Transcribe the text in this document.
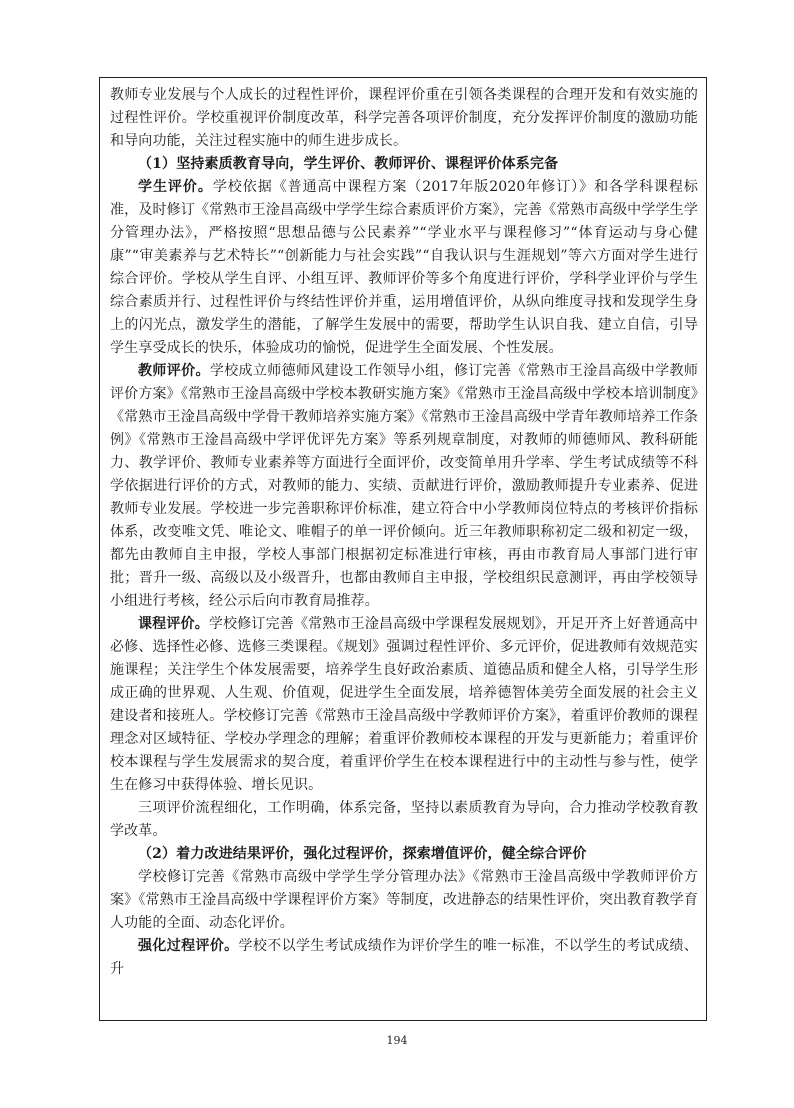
教师专业发展与个人成长的过程性评价，课程评价重在引领各类课程的合理开发和有效实施的过程性评价。学校重视评价制度改革，科学完善各项评价制度，充分发挥评价制度的激励功能和导向功能，关注过程实施中的师生进步成长。

（1）坚持素质教育导向，学生评价、教师评价、课程评价体系完备

学生评价。学校依据《普通高中课程方案（2017年版2020年修订）》和各学科课程标准，及时修订《常熟市王淦昌高级中学学生综合素质评价方案》，完善《常熟市高级中学学生学分管理办法》，严格按照“思想品德与公民素养”“学业水平与课程修习”“体育运动与身心健康”“审美素养与艺术特长”“创新能力与社会实践”“自我认识与生涯规划”等六方面对学生进行综合评价。学校从学生自评、小组互评、教师评价等多个角度进行评价，学科学业评价与学生综合素质并行、过程性评价与终结性评价并重，运用增值评价，从纵向维度寻找和发现学生身上的闪光点，激发学生的潜能，了解学生发展中的需要，帮助学生认识自我、建立自信，引导学生享受成长的快乐，体验成功的愉悦，促进学生全面发展、个性发展。

教师评价。学校成立师德师风建设工作领导小组，修订完善《常熟市王淦昌高级中学教师评价方案》《常熟市王淦昌高级中学校本教研实施方案》《常熟市王淦昌高级中学校本培训制度》《常熟市王淦昌高级中学骨干教师培养实施方案》《常熟市王淦昌高级中学青年教师培养工作条例》《常熟市王淦昌高级中学评优评先方案》等系列规章制度，对教师的师德师风、教科研能力、教学评价、教师专业素养等方面进行全面评价，改变简单用升学率、学生考试成绩等不科学依据进行评价的方式，对教师的能力、实绩、贡献进行评价，激励教师提升专业素养、促进教师专业发展。学校进一步完善职称评价标准，建立符合中小学教师岗位特点的考核评价指标体系，改变唯文凭、唯论文、唯帽子的单一评价倾向。近三年教师职称初定二级和初定一级，都先由教师自主申报，学校人事部门根据初定标准进行审核，再由市教育局人事部门进行审批；晋升一级、高级以及小级晋升，也都由教师自主申报，学校组织民意测评，再由学校领导小组进行考核，经公示后向市教育局推荐。

课程评价。学校修订完善《常熟市王淦昌高级中学课程发展规划》，开足开齐上好普通高中必修、选择性必修、选修三类课程。《规划》强调过程性评价、多元评价，促进教师有效规范实施课程；关注学生个体发展需要，培养学生良好政治素质、道德品质和健全人格，引导学生形成正确的世界观、人生观、价值观，促进学生全面发展，培养德智体美劳全面发展的社会主义建设者和接班人。学校修订完善《常熟市王淦昌高级中学教师评价方案》，着重评价教师的课程理念对区域特征、学校办学理念的理解；着重评价教师校本课程的开发与更新能力；着重评价校本课程与学生发展需求的契合度，着重评价学生在校本课程进行中的主动性与参与性，使学生在修习中获得体验、增长见识。

三项评价流程细化，工作明确，体系完备，坚持以素质教育为导向，合力推动学校教育教学改革。

（2）着力改进结果评价，强化过程评价，探索增值评价，健全综合评价

学校修订完善《常熟市高级中学学生学分管理办法》《常熟市王淦昌高级中学教师评价方案》《常熟市王淦昌高级中学课程评价方案》等制度，改进静态的结果性评价，突出教育教学育人功能的全面、动态化评价。

强化过程评价。学校不以学生考试成绩作为评价学生的唯一标准，不以学生的考试成绩、升

194
